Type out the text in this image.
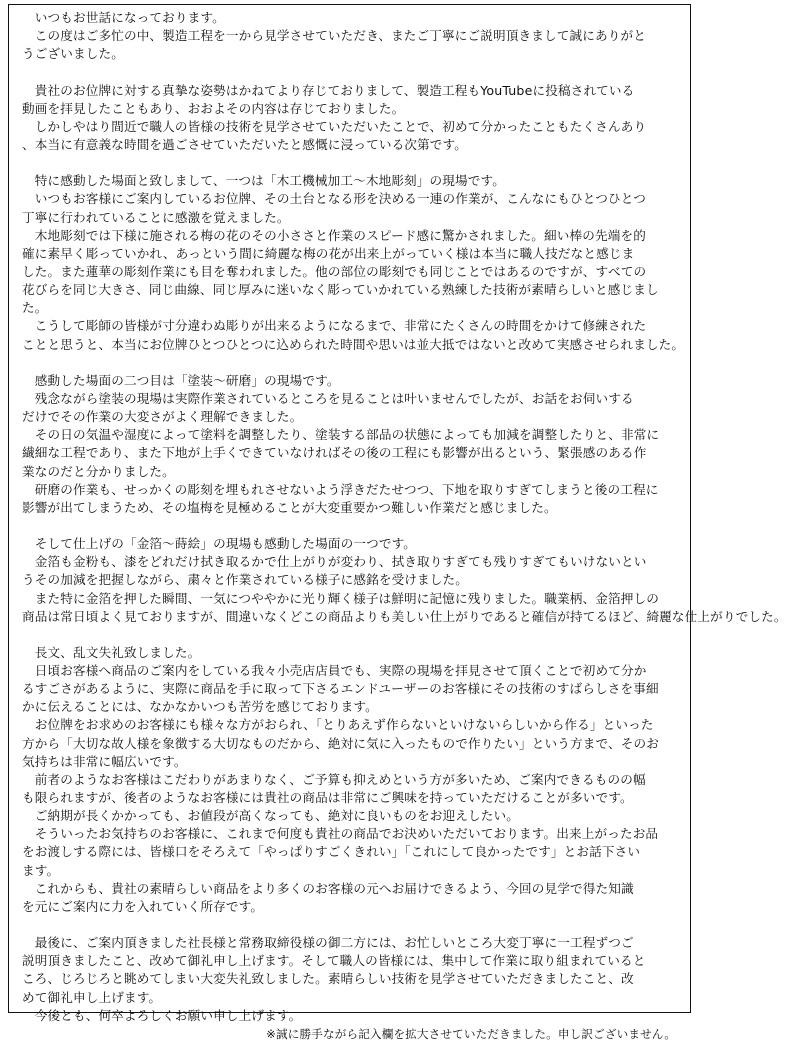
　いつもお世話になっております。
　この度はご多忙の中、製造工程を一から見学させていただき、またご丁寧にご説明頂きまして誠にありがと
うございました。
　貴社のお位牌に対する真摯な姿勢はかねてより存じておりまして、製造工程もYouTubeに投稿されている
動画を拝見したこともあり、おおよその内容は存じておりました。
　しかしやはり間近で職人の皆様の技術を見学させていただいたことで、初めて分かったこともたくさんあり
、本当に有意義な時間を過ごさせていただいたと感慨に浸っている次第です。
　特に感動した場面と致しまして、一つは「木工機械加工～木地彫刻」の現場です。
　いつもお客様にご案内しているお位牌、その土台となる形を決める一連の作業が、こんなにもひとつひとつ
丁寧に行われていることに感激を覚えました。
　木地彫刻では下様に施される梅の花のその小ささと作業のスピード感に驚かされました。細い棒の先端を的
確に素早く彫っていかれ、あっという間に綺麗な梅の花が出来上がっていく様は本当に職人技だなと感じま
した。また蓮華の彫刻作業にも目を奪われました。他の部位の彫刻でも同じことではあるのですが、すべての
花びらを同じ大きさ、同じ曲線、同じ厚みに迷いなく彫っていかれている熟練した技術が素晴らしいと感じまし
た。
　こうして彫師の皆様が寸分違わぬ彫りが出来るようになるまで、非常にたくさんの時間をかけて修練された
ことと思うと、本当にお位牌ひとつひとつに込められた時間や思いは並大抵ではないと改めて実感させられました。
　感動した場面の二つ目は「塗装～研磨」の現場です。
　残念ながら塗装の現場は実際作業されているところを見ることは叶いませんでしたが、お話をお伺いする
だけでその作業の大変さがよく理解できました。
　その日の気温や湿度によって塗料を調整したり、塗装する部品の状態によっても加減を調整したりと、非常に
繊細な工程であり、また下地が上手くできていなければその後の工程にも影響が出るという、緊張感のある作
業なのだと分かりました。
　研磨の作業も、せっかくの彫刻を埋もれさせないよう浮きだたせつつ、下地を取りすぎてしまうと後の工程に
影響が出てしまうため、その塩梅を見極めることが大変重要かつ難しい作業だと感じました。
　そして仕上げの「金箔～蒔絵」の現場も感動した場面の一つです。
　金箔も金粉も、漆をどれだけ拭き取るかで仕上がりが変わり、拭き取りすぎても残りすぎてもいけないとい
うその加減を把握しながら、粛々と作業されている様子に感銘を受けました。
　また特に金箔を押した瞬間、一気につややかに光り輝く様子は鮮明に記憶に残りました。職業柄、金箔押しの
商品は常日頃よく見ておりますが、間違いなくどこの商品よりも美しい仕上がりであると確信が持てるほど、綺麗な仕上がりでした。
　長文、乱文失礼致しました。
　日頃お客様へ商品のご案内をしている我々小売店店員でも、実際の現場を拝見させて頂くことで初めて分か
るすごさがあるように、実際に商品を手に取って下さるエンドユーザーのお客様にその技術のすばらしさを事細
かに伝えることには、なかなかいつも苦労を感じております。
　お位牌をお求めのお客様にも様々な方がおられ、「とりあえず作らないといけないらしいから作る」といった
方から「大切な故人様を象徴する大切なものだから、絶対に気に入ったもので作りたい」という方まで、そのお
気持ちは非常に幅広いです。
　前者のようなお客様はこだわりがあまりなく、ご予算も抑えめという方が多いため、ご案内できるものの幅
も限られますが、後者のようなお客様には貴社の商品は非常にご興味を持っていただけることが多いです。
　ご納期が長くかかっても、お値段が高くなっても、絶対に良いものをお迎えしたい。
　そういったお気持ちのお客様に、これまで何度も貴社の商品でお決めいただいております。出来上がったお品
をお渡しする際には、皆様口をそろえて「やっぱりすごくきれい」「これにして良かったです」とお話下さい
ます。
　これからも、貴社の素晴らしい商品をより多くのお客様の元へお届けできるよう、今回の見学で得た知識
を元にご案内に力を入れていく所存です。
　最後に、ご案内頂きました社長様と常務取締役様の御二方には、お忙しいところ大変丁寧に一工程ずつご
説明頂きましたこと、改めて御礼申し上げます。そして職人の皆様には、集中して作業に取り組まれていると
ころ、じろじろと眺めてしまい大変失礼致しました。素晴らしい技術を見学させていただきましたこと、改
めて御礼申し上げます。
　今後とも、何卒よろしくお願い申し上げます。
※誠に勝手ながら記入欄を拡大させていただきました。申し訳ございません。
